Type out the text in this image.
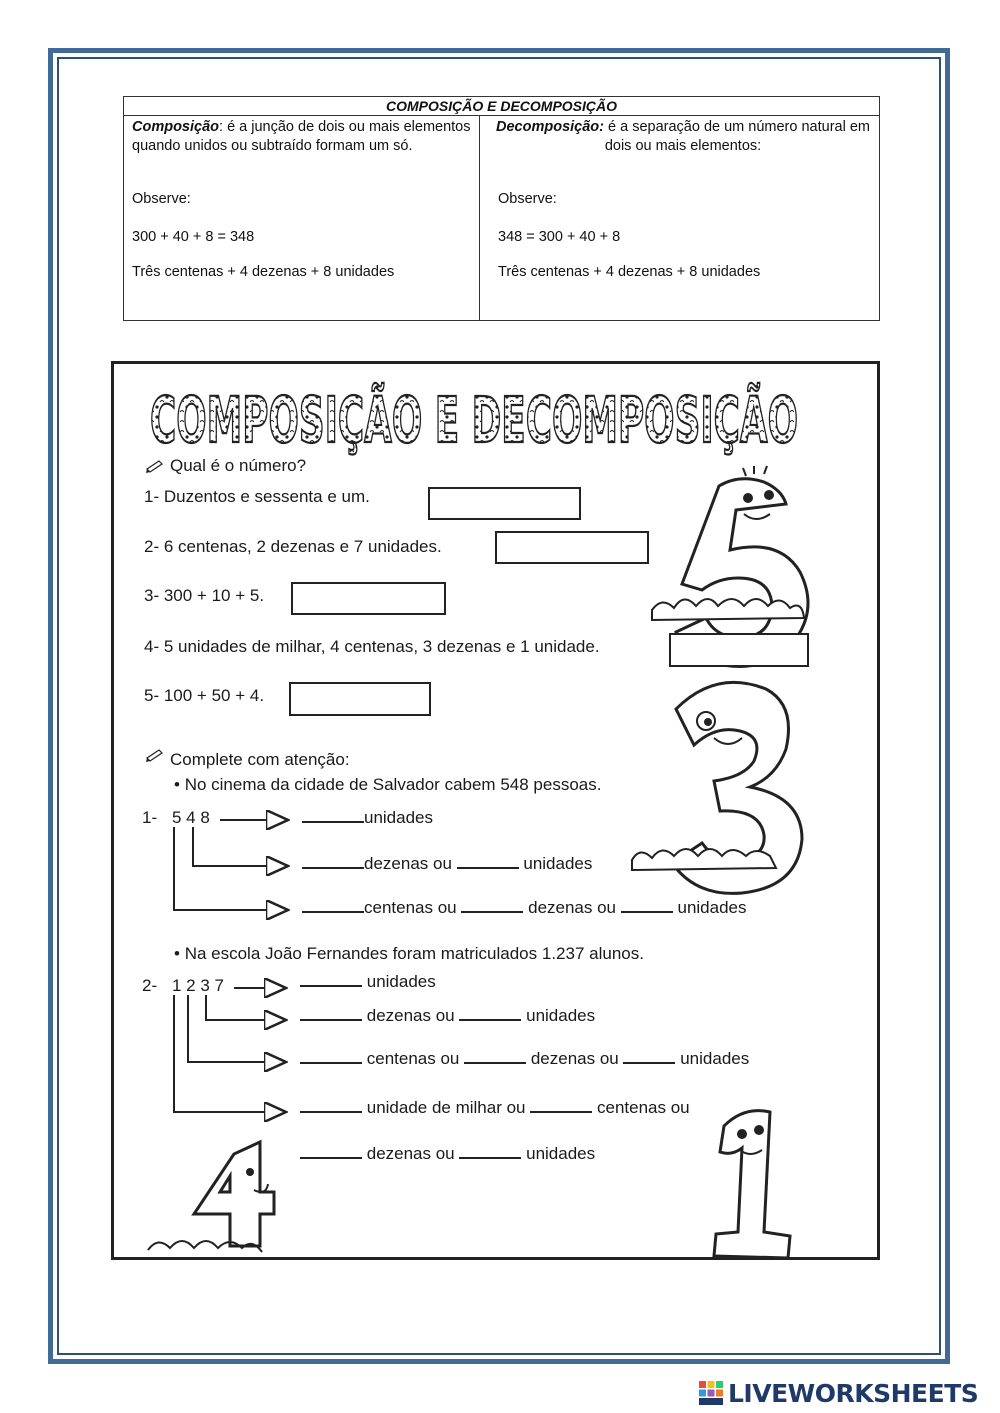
COMPOSIÇÃO E DECOMPOSIÇÃO
Composição: é a junção de dois ou mais elementos quando unidos ou subtraído formam um só.
Observe:
300 + 40 + 8 = 348
Três centenas + 4 dezenas + 8 unidades
Decomposição: é a separação de um número natural em dois ou mais elementos:
Observe:
348 = 300 + 40 + 8
Três centenas + 4 dezenas + 8 unidades
COMPOSIÇÃO E DECOMPOSIÇÃO
Qual é o número?
1- Duzentos e sessenta e um.
2- 6 centenas, 2 dezenas e 7 unidades.
3- 300 + 10 + 5.
4- 5 unidades de milhar, 4 centenas, 3 dezenas e 1 unidade.
5- 100 + 50 + 4.
Complete com atenção:
• No cinema da cidade de Salvador cabem 548 pessoas.
1- 5 4 8	unidades
dezenas ou	unidades
centenas ou	dezenas ou	unidades
• Na escola João Fernandes foram matriculados 1.237 alunos.
2- 1 2 3 7	unidades
dezenas ou	unidades
centenas ou	dezenas ou	unidades
unidade de milhar ou	centenas ou
dezenas ou	unidades
LIVEWORKSHEETS
